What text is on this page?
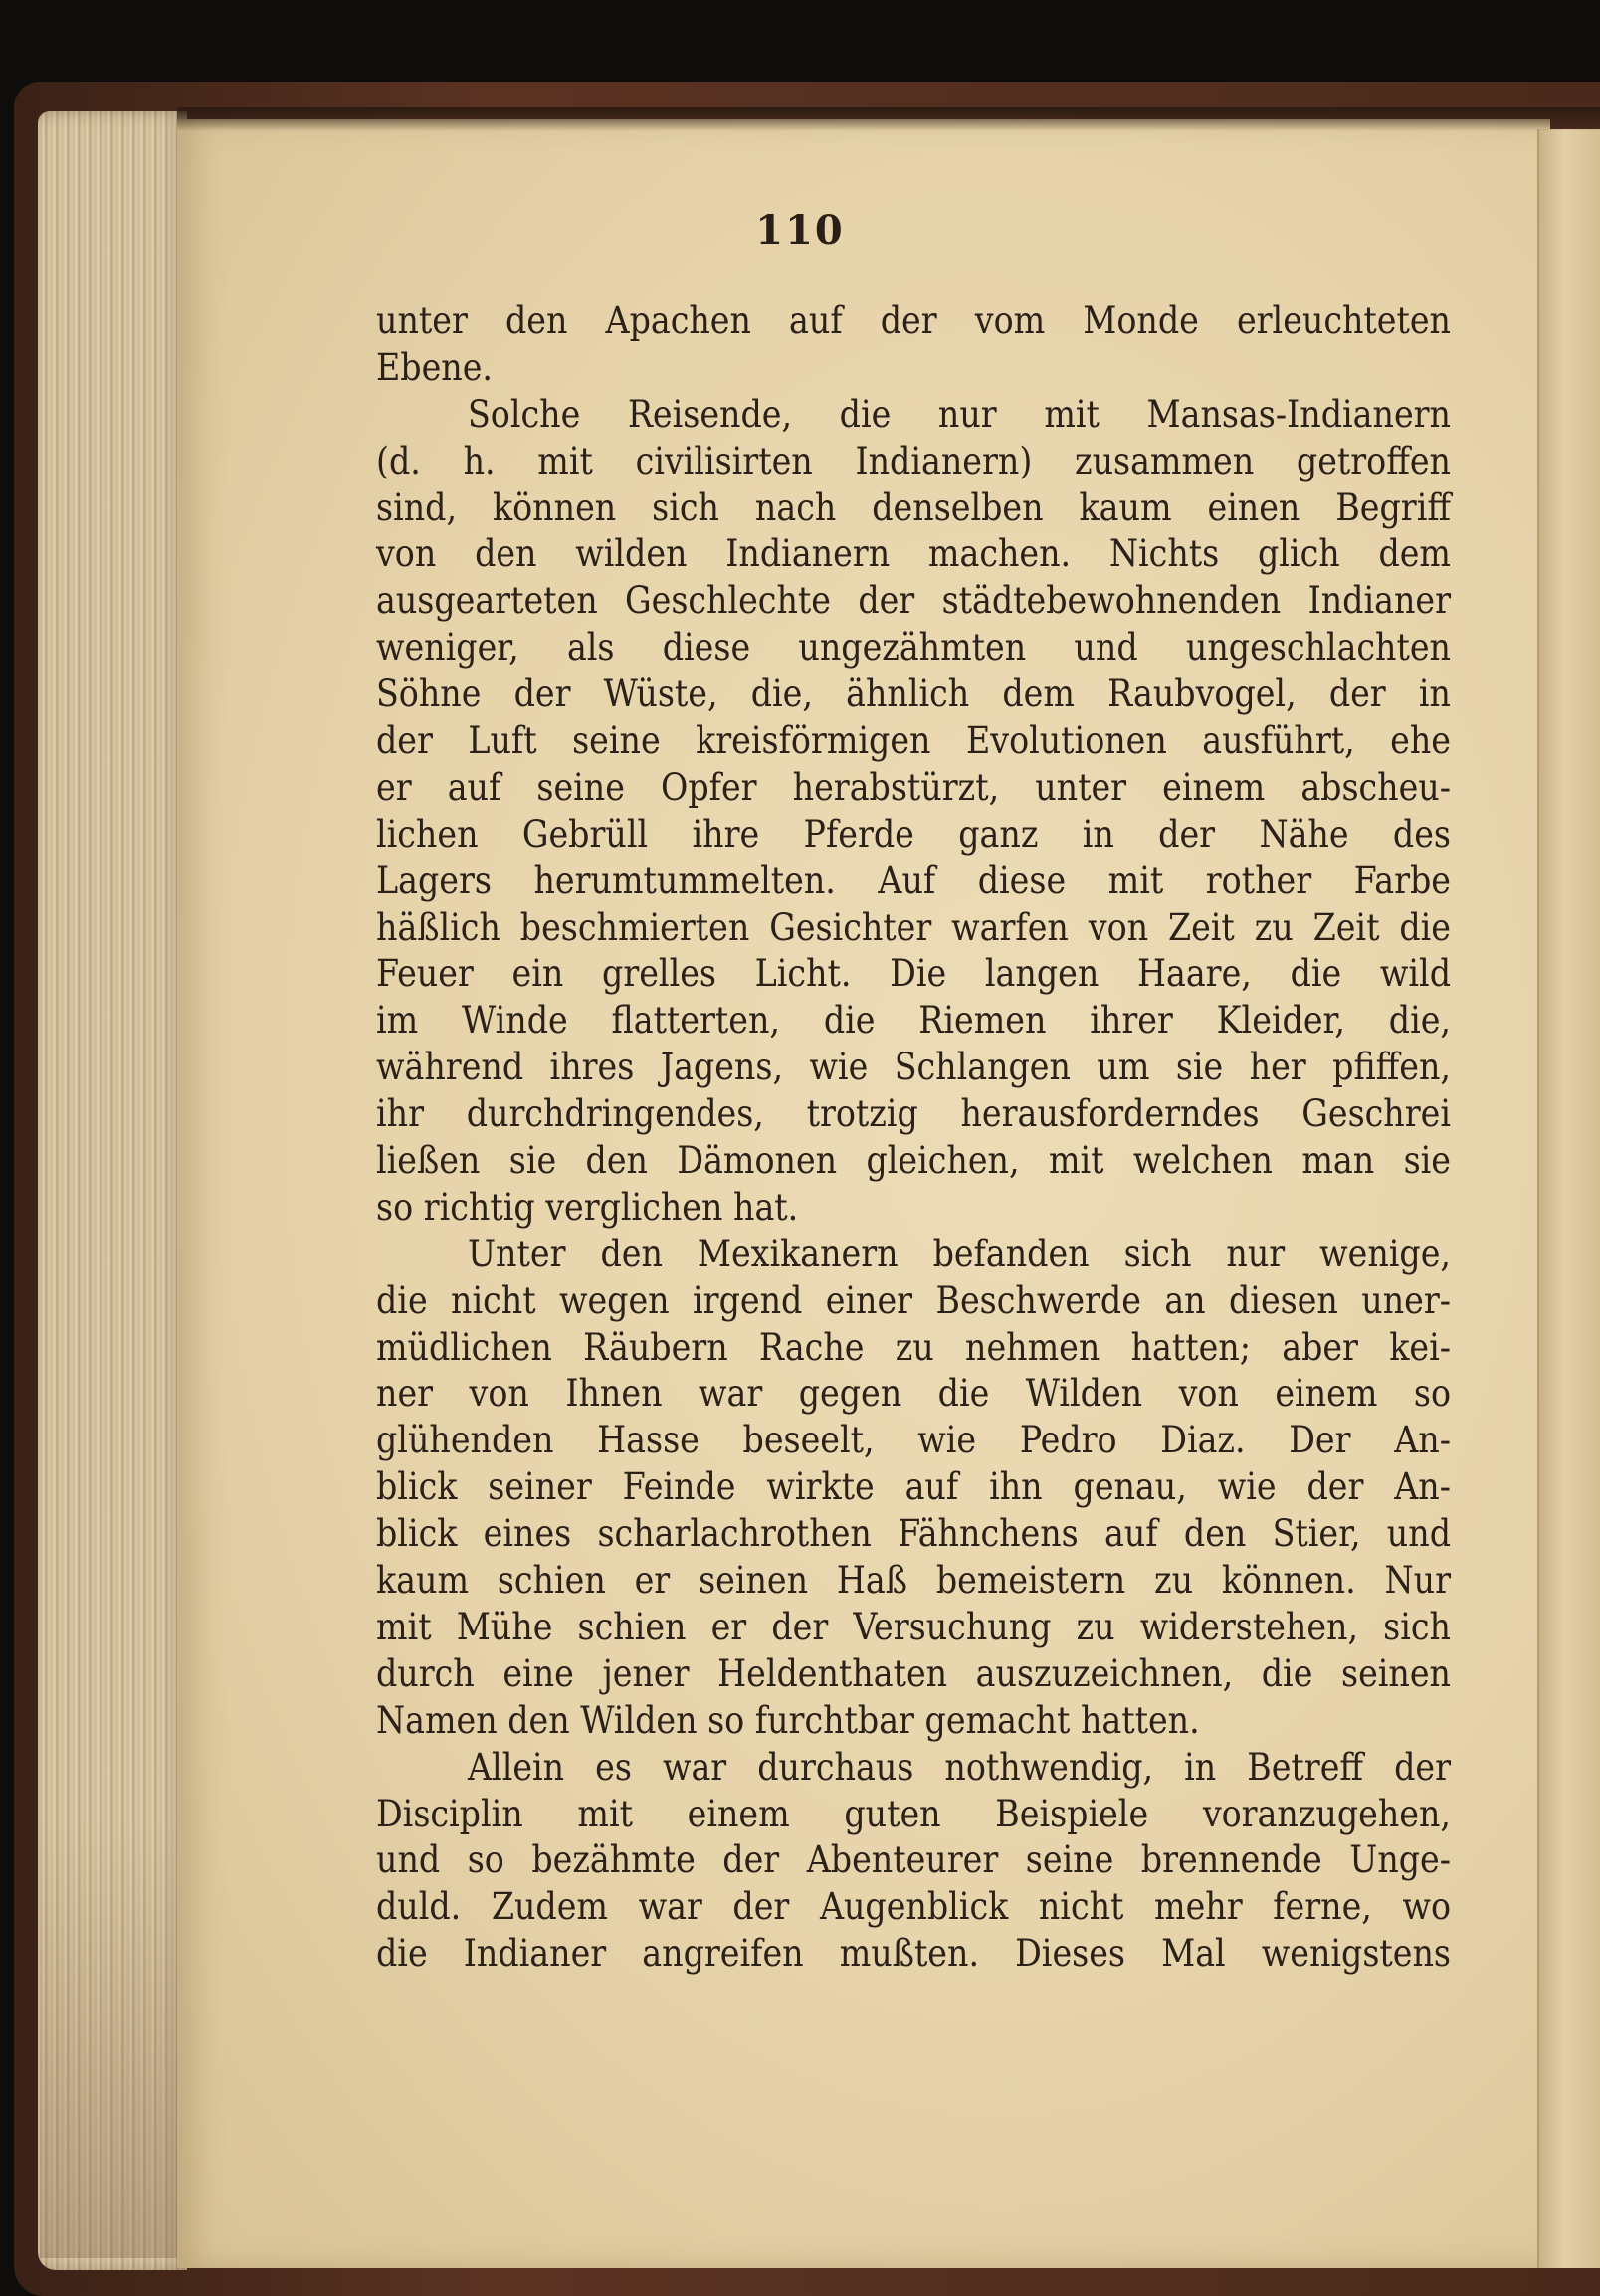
110
unter den Apachen auf der vom Monde erleuchteten
Ebene.
Solche Reisende, die nur mit Mansas-Indianern
(d. h. mit civilisirten Indianern) zusammen getroffen
sind, können sich nach denselben kaum einen Begriff
von den wilden Indianern machen. Nichts glich dem
ausgearteten Geschlechte der städtebewohnenden Indianer
weniger, als diese ungezähmten und ungeschlachten
Söhne der Wüste, die, ähnlich dem Raubvogel, der in
der Luft seine kreisförmigen Evolutionen ausführt, ehe
er auf seine Opfer herabstürzt, unter einem abscheu-
lichen Gebrüll ihre Pferde ganz in der Nähe des
Lagers herumtummelten. Auf diese mit rother Farbe
häßlich beschmierten Gesichter warfen von Zeit zu Zeit die
Feuer ein grelles Licht. Die langen Haare, die wild
im Winde flatterten, die Riemen ihrer Kleider, die,
während ihres Jagens, wie Schlangen um sie her pfiffen,
ihr durchdringendes, trotzig herausforderndes Geschrei
ließen sie den Dämonen gleichen, mit welchen man sie
so richtig verglichen hat.
Unter den Mexikanern befanden sich nur wenige,
die nicht wegen irgend einer Beschwerde an diesen uner-
müdlichen Räubern Rache zu nehmen hatten; aber kei-
ner von Ihnen war gegen die Wilden von einem so
glühenden Hasse beseelt, wie Pedro Diaz. Der An-
blick seiner Feinde wirkte auf ihn genau, wie der An-
blick eines scharlachrothen Fähnchens auf den Stier, und
kaum schien er seinen Haß bemeistern zu können. Nur
mit Mühe schien er der Versuchung zu widerstehen, sich
durch eine jener Heldenthaten auszuzeichnen, die seinen
Namen den Wilden so furchtbar gemacht hatten.
Allein es war durchaus nothwendig, in Betreff der
Disciplin mit einem guten Beispiele voranzugehen,
und so bezähmte der Abenteurer seine brennende Unge-
duld. Zudem war der Augenblick nicht mehr ferne, wo
die Indianer angreifen mußten. Dieses Mal wenigstens
